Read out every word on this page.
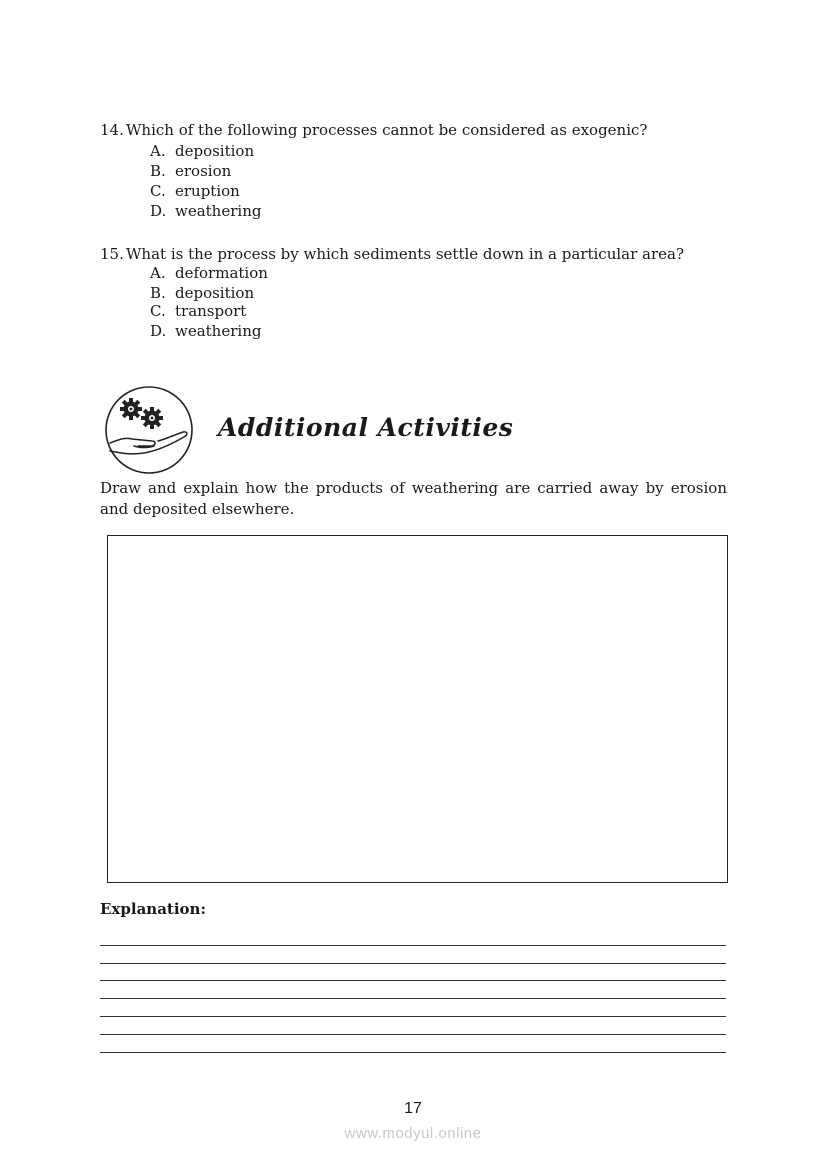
14. Which of the following processes cannot be considered as exogenic?
A. deposition
B. erosion
C. eruption
D. weathering
15. What is the process by which sediments settle down in a particular area?
A. deformation
B. deposition
C. transport
D. weathering
Additional Activities
Draw and explain how the products of weathering are carried away by erosion and deposited elsewhere.
Explanation:
17
www.modyul.online
